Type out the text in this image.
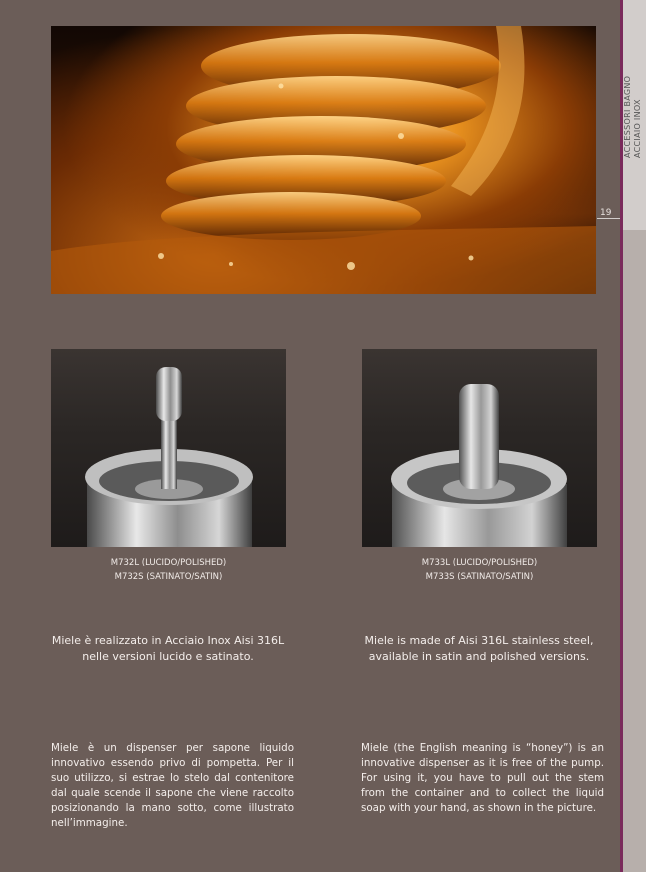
ACCESSORI BAGNO ACCIAIO INOX
19
M732L (LUCIDO/POLISHED)
M732S (SATINATO/SATIN)
M733L (LUCIDO/POLISHED)
M733S (SATINATO/SATIN)
Miele è realizzato in Acciaio Inox Aisi 316L
nelle versioni lucido e satinato.
Miele is made of Aisi 316L stainless steel,
available in satin and polished versions.
Miele è un dispenser per sapone liquido innovativo essendo privo di pompetta. Per il suo utilizzo, si estrae lo stelo dal contenitore dal quale scende il sapone che viene raccolto posizionando la mano sotto, come illustrato nell’immagine.
Miele (the English meaning is “honey”) is an innovative dispenser as it is free of the pump. For using it, you have to pull out the stem from the container and to collect the liquid soap with your hand, as shown in the picture.
